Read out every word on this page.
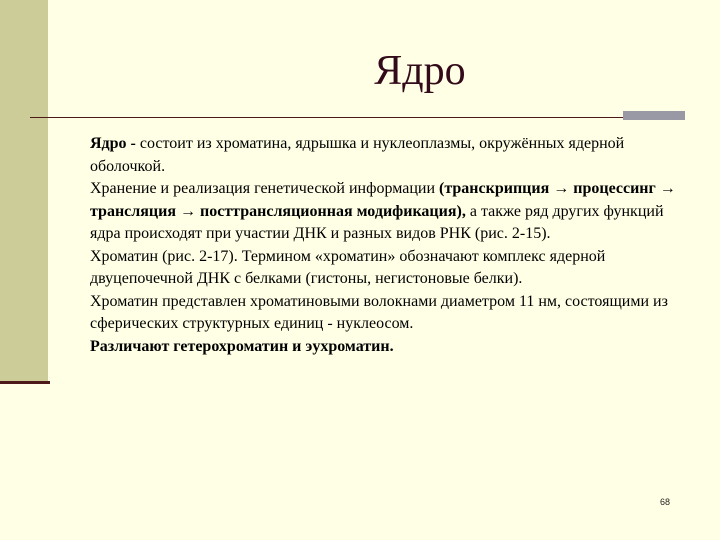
Ядро

Ядро - состоит из хроматина, ядрышка и нуклеоплазмы, окружённых ядерной оболочкой.

Хранение и реализация генетической информации (транскрипция → процессинг → трансляция → посттрансляционная модификация), а также ряд других функций ядра происходят при участии ДНК и разных видов РНК (рис. 2-15).

Хроматин (рис. 2-17). Термином «хроматин» обозначают комплекс ядерной двуцепочечной ДНК с белками (гистоны, негистоновые белки).

Хроматин представлен хроматиновыми волокнами диаметром 11 нм, состоящими из сферических структурных единиц - нуклеосом.

Различают гетерохроматин и эухроматин.

68
